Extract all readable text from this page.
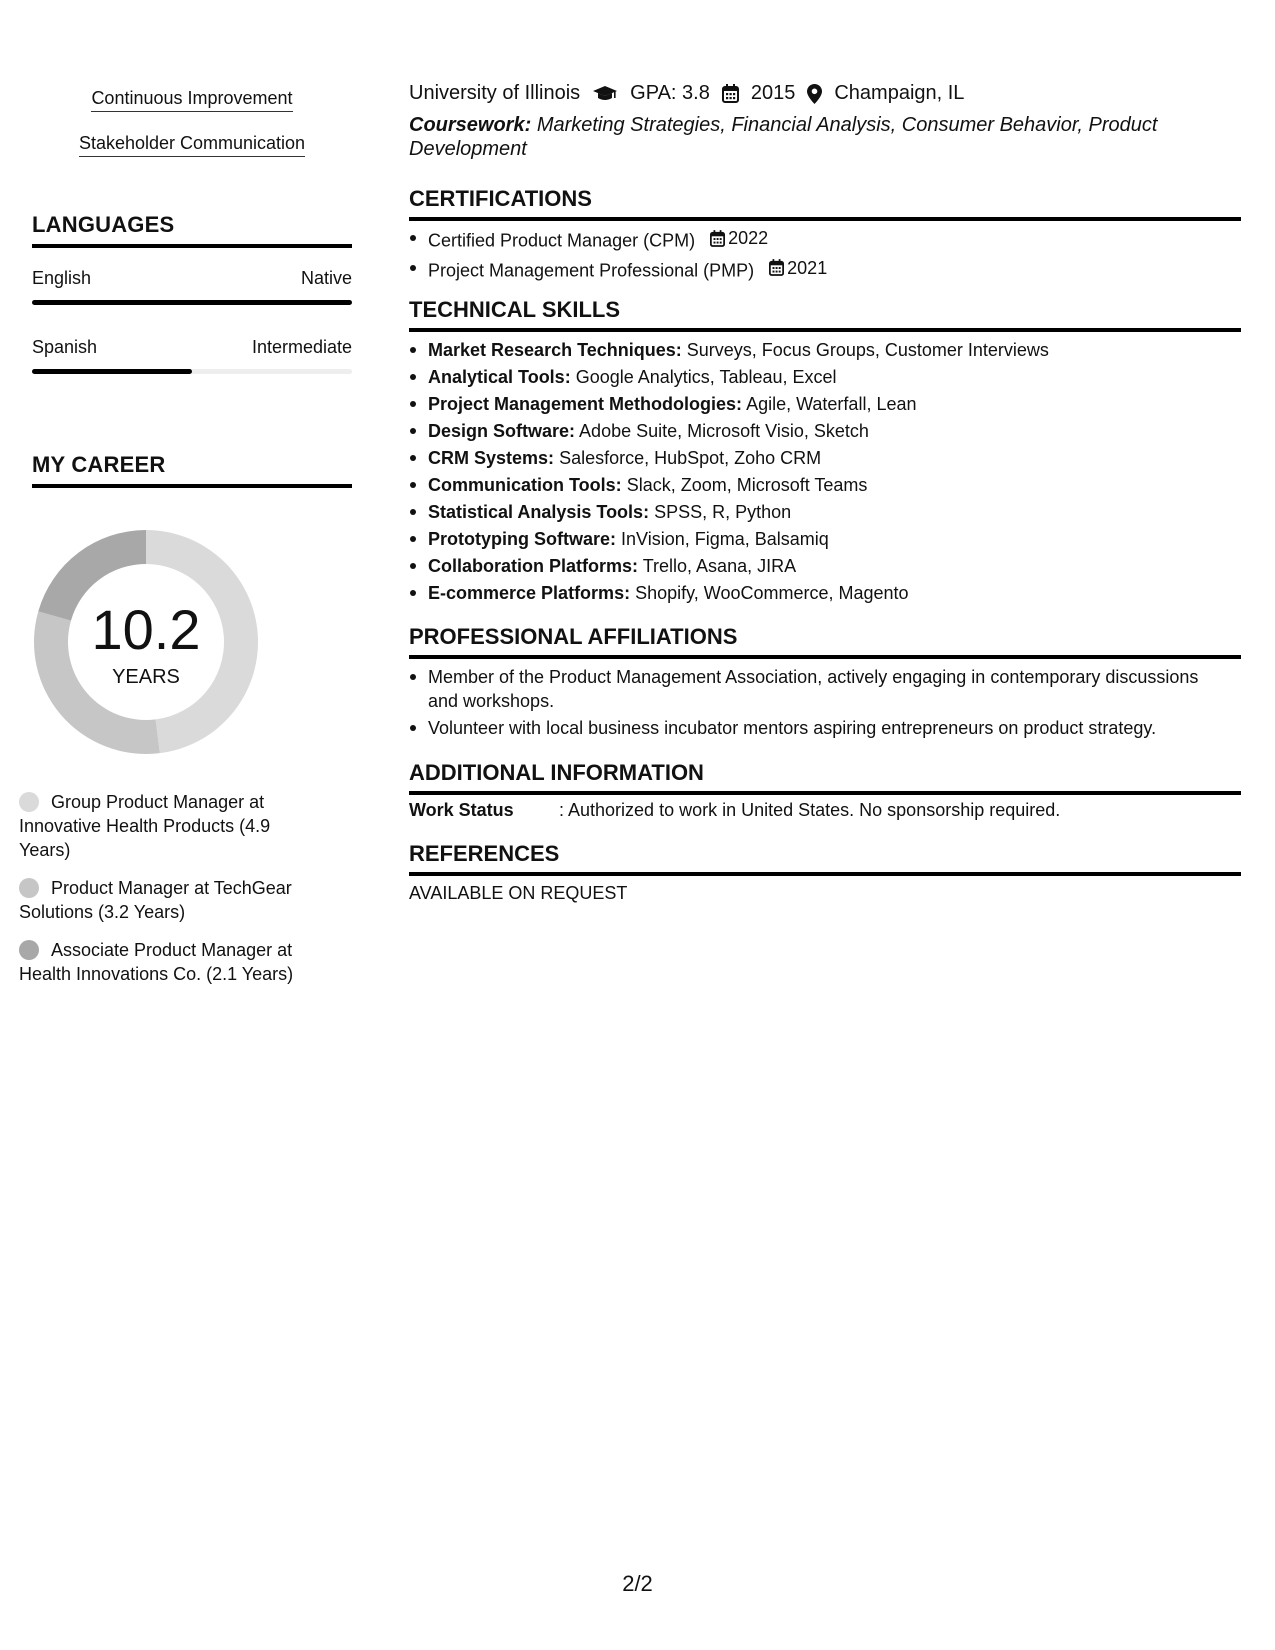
Continuous Improvement
Stakeholder Communication
LANGUAGES
English	Native
Spanish	Intermediate
MY CAREER
10.2
YEARS
Group Product Manager at Innovative Health Products (4.9 Years)
Product Manager at TechGear Solutions (3.2 Years)
Associate Product Manager at Health Innovations Co. (2.1 Years)
University of Illinois	GPA: 3.8 2015 Champaign, IL
Coursework: Marketing Strategies, Financial Analysis, Consumer Behavior, Product Development
CERTIFICATIONS
Certified Product Manager (CPM) 2022
Project Management Professional (PMP) 2021
TECHNICAL SKILLS
Market Research Techniques: Surveys, Focus Groups, Customer Interviews
Analytical Tools: Google Analytics, Tableau, Excel
Project Management Methodologies: Agile, Waterfall, Lean
Design Software: Adobe Suite, Microsoft Visio, Sketch
CRM Systems: Salesforce, HubSpot, Zoho CRM
Communication Tools: Slack, Zoom, Microsoft Teams
Statistical Analysis Tools: SPSS, R, Python
Prototyping Software: InVision, Figma, Balsamiq
Collaboration Platforms: Trello, Asana, JIRA
E-commerce Platforms: Shopify, WooCommerce, Magento
PROFESSIONAL AFFILIATIONS
Member of the Product Management Association, actively engaging in contemporary discussions and workshops.
Volunteer with local business incubator mentors aspiring entrepreneurs on product strategy.
ADDITIONAL INFORMATION
Work Status	: Authorized to work in United States. No sponsorship required.
REFERENCES
AVAILABLE ON REQUEST
2/2
